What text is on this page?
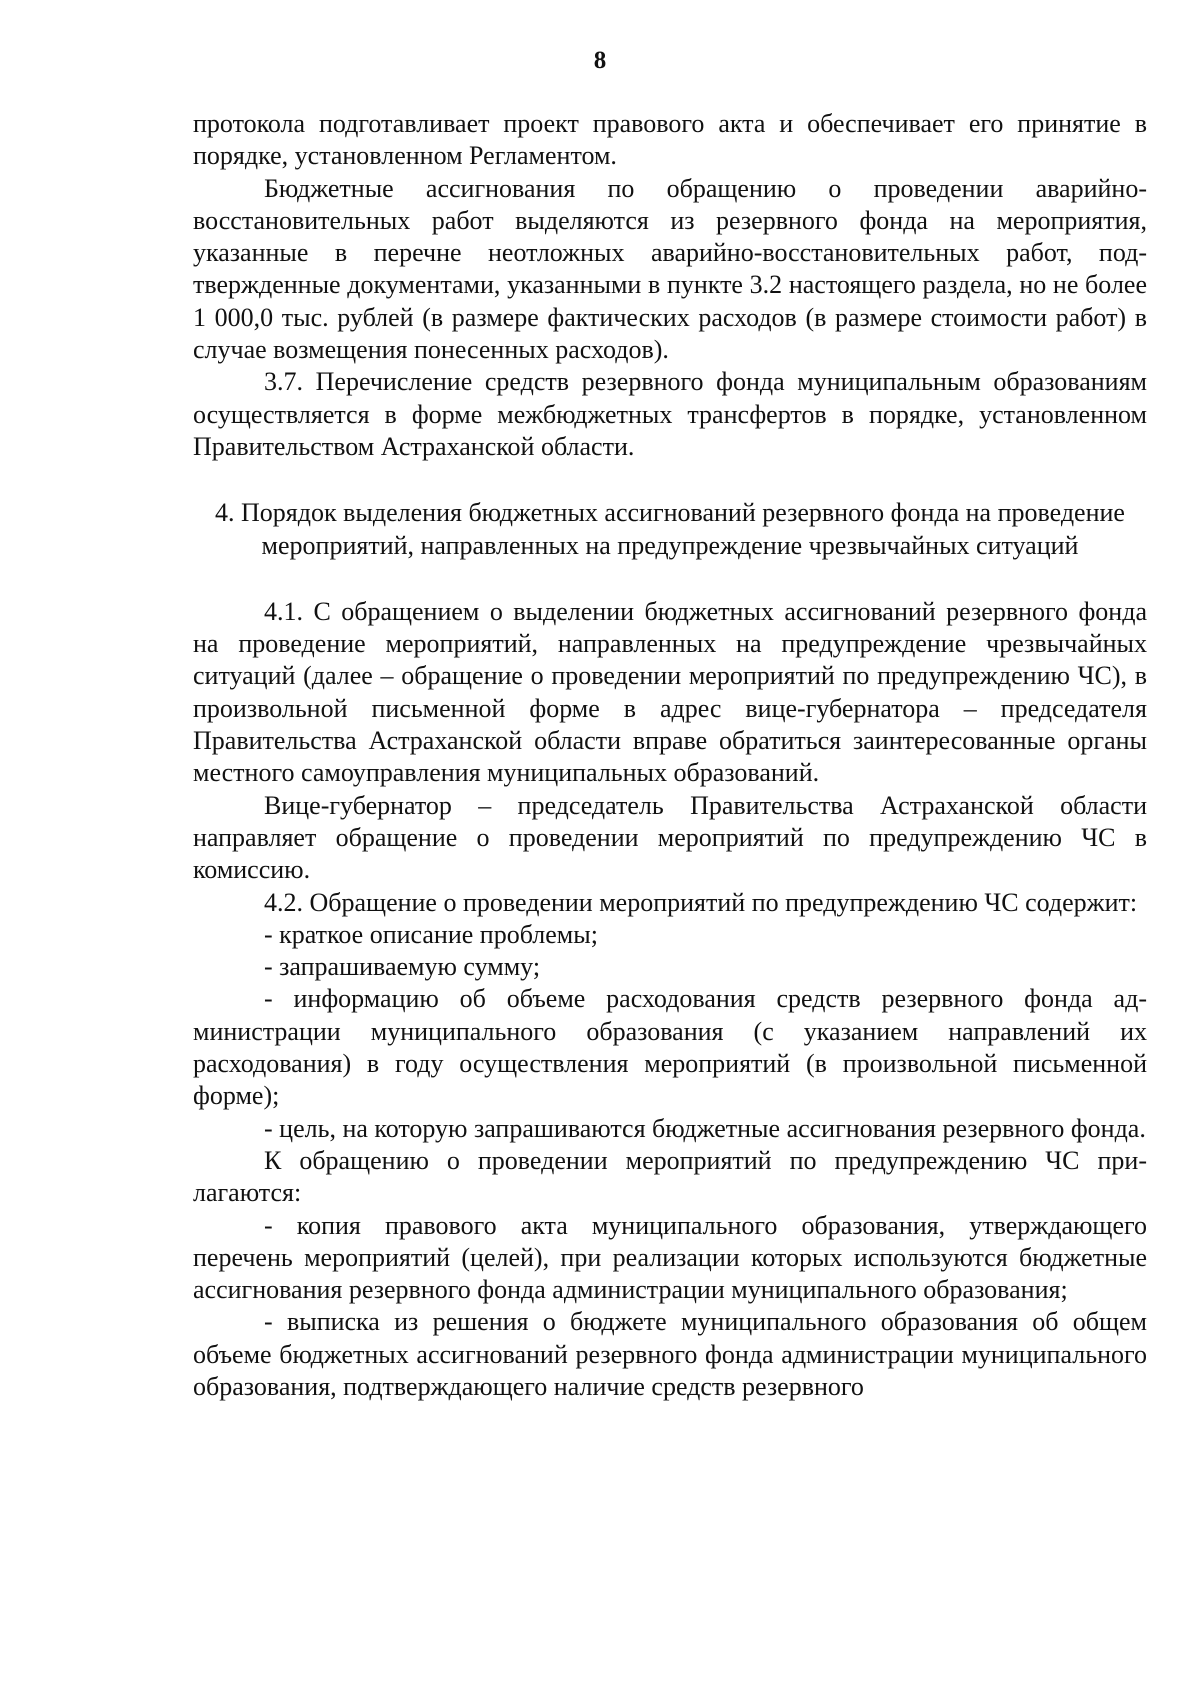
8

протокола подготавливает проект правового акта и обеспечивает его принятие в порядке, установленном Регламентом.

Бюджетные ассигнования по обращению о проведении аварийно-восстановительных работ выделяются из резервного фонда на мероприятия, указанные в перечне неотложных аварийно-восстановительных работ, подтвержденные документами, указанными в пункте 3.2 настоящего раздела, но не более 1 000,0 тыс. рублей (в размере фактических расходов (в размере стоимости работ) в случае возмещения понесенных расходов).

3.7. Перечисление средств резервного фонда муниципальным образованиям осуществляется в форме межбюджетных трансфертов в порядке, установленном Правительством Астраханской области.

4. Порядок выделения бюджетных ассигнований резервного фонда на проведение мероприятий, направленных на предупреждение чрезвычайных ситуаций

4.1. С обращением о выделении бюджетных ассигнований резервного фонда на проведение мероприятий, направленных на предупреждение чрезвычайных ситуаций (далее – обращение о проведении мероприятий по предупреждению ЧС), в произвольной письменной форме в адрес вице-губернатора – председателя Правительства Астраханской области вправе обратиться заинтересованные органы местного самоуправления муниципальных образований.

Вице-губернатор – председатель Правительства Астраханской области направляет обращение о проведении мероприятий по предупреждению ЧС в комиссию.

4.2. Обращение о проведении мероприятий по предупреждению ЧС содержит:

- краткое описание проблемы;

- запрашиваемую сумму;

- информацию об объеме расходования средств резервного фонда администрации муниципального образования (с указанием направлений их расходования) в году осуществления мероприятий (в произвольной письменной форме);

- цель, на которую запрашиваются бюджетные ассигнования резервного фонда.

К обращению о проведении мероприятий по предупреждению ЧС прилагаются:

- копия правового акта муниципального образования, утверждающего перечень мероприятий (целей), при реализации которых используются бюджетные ассигнования резервного фонда администрации муниципального образования;

- выписка из решения о бюджете муниципального образования об общем объеме бюджетных ассигнований резервного фонда администрации муниципального образования, подтверждающего наличие средств резервного
